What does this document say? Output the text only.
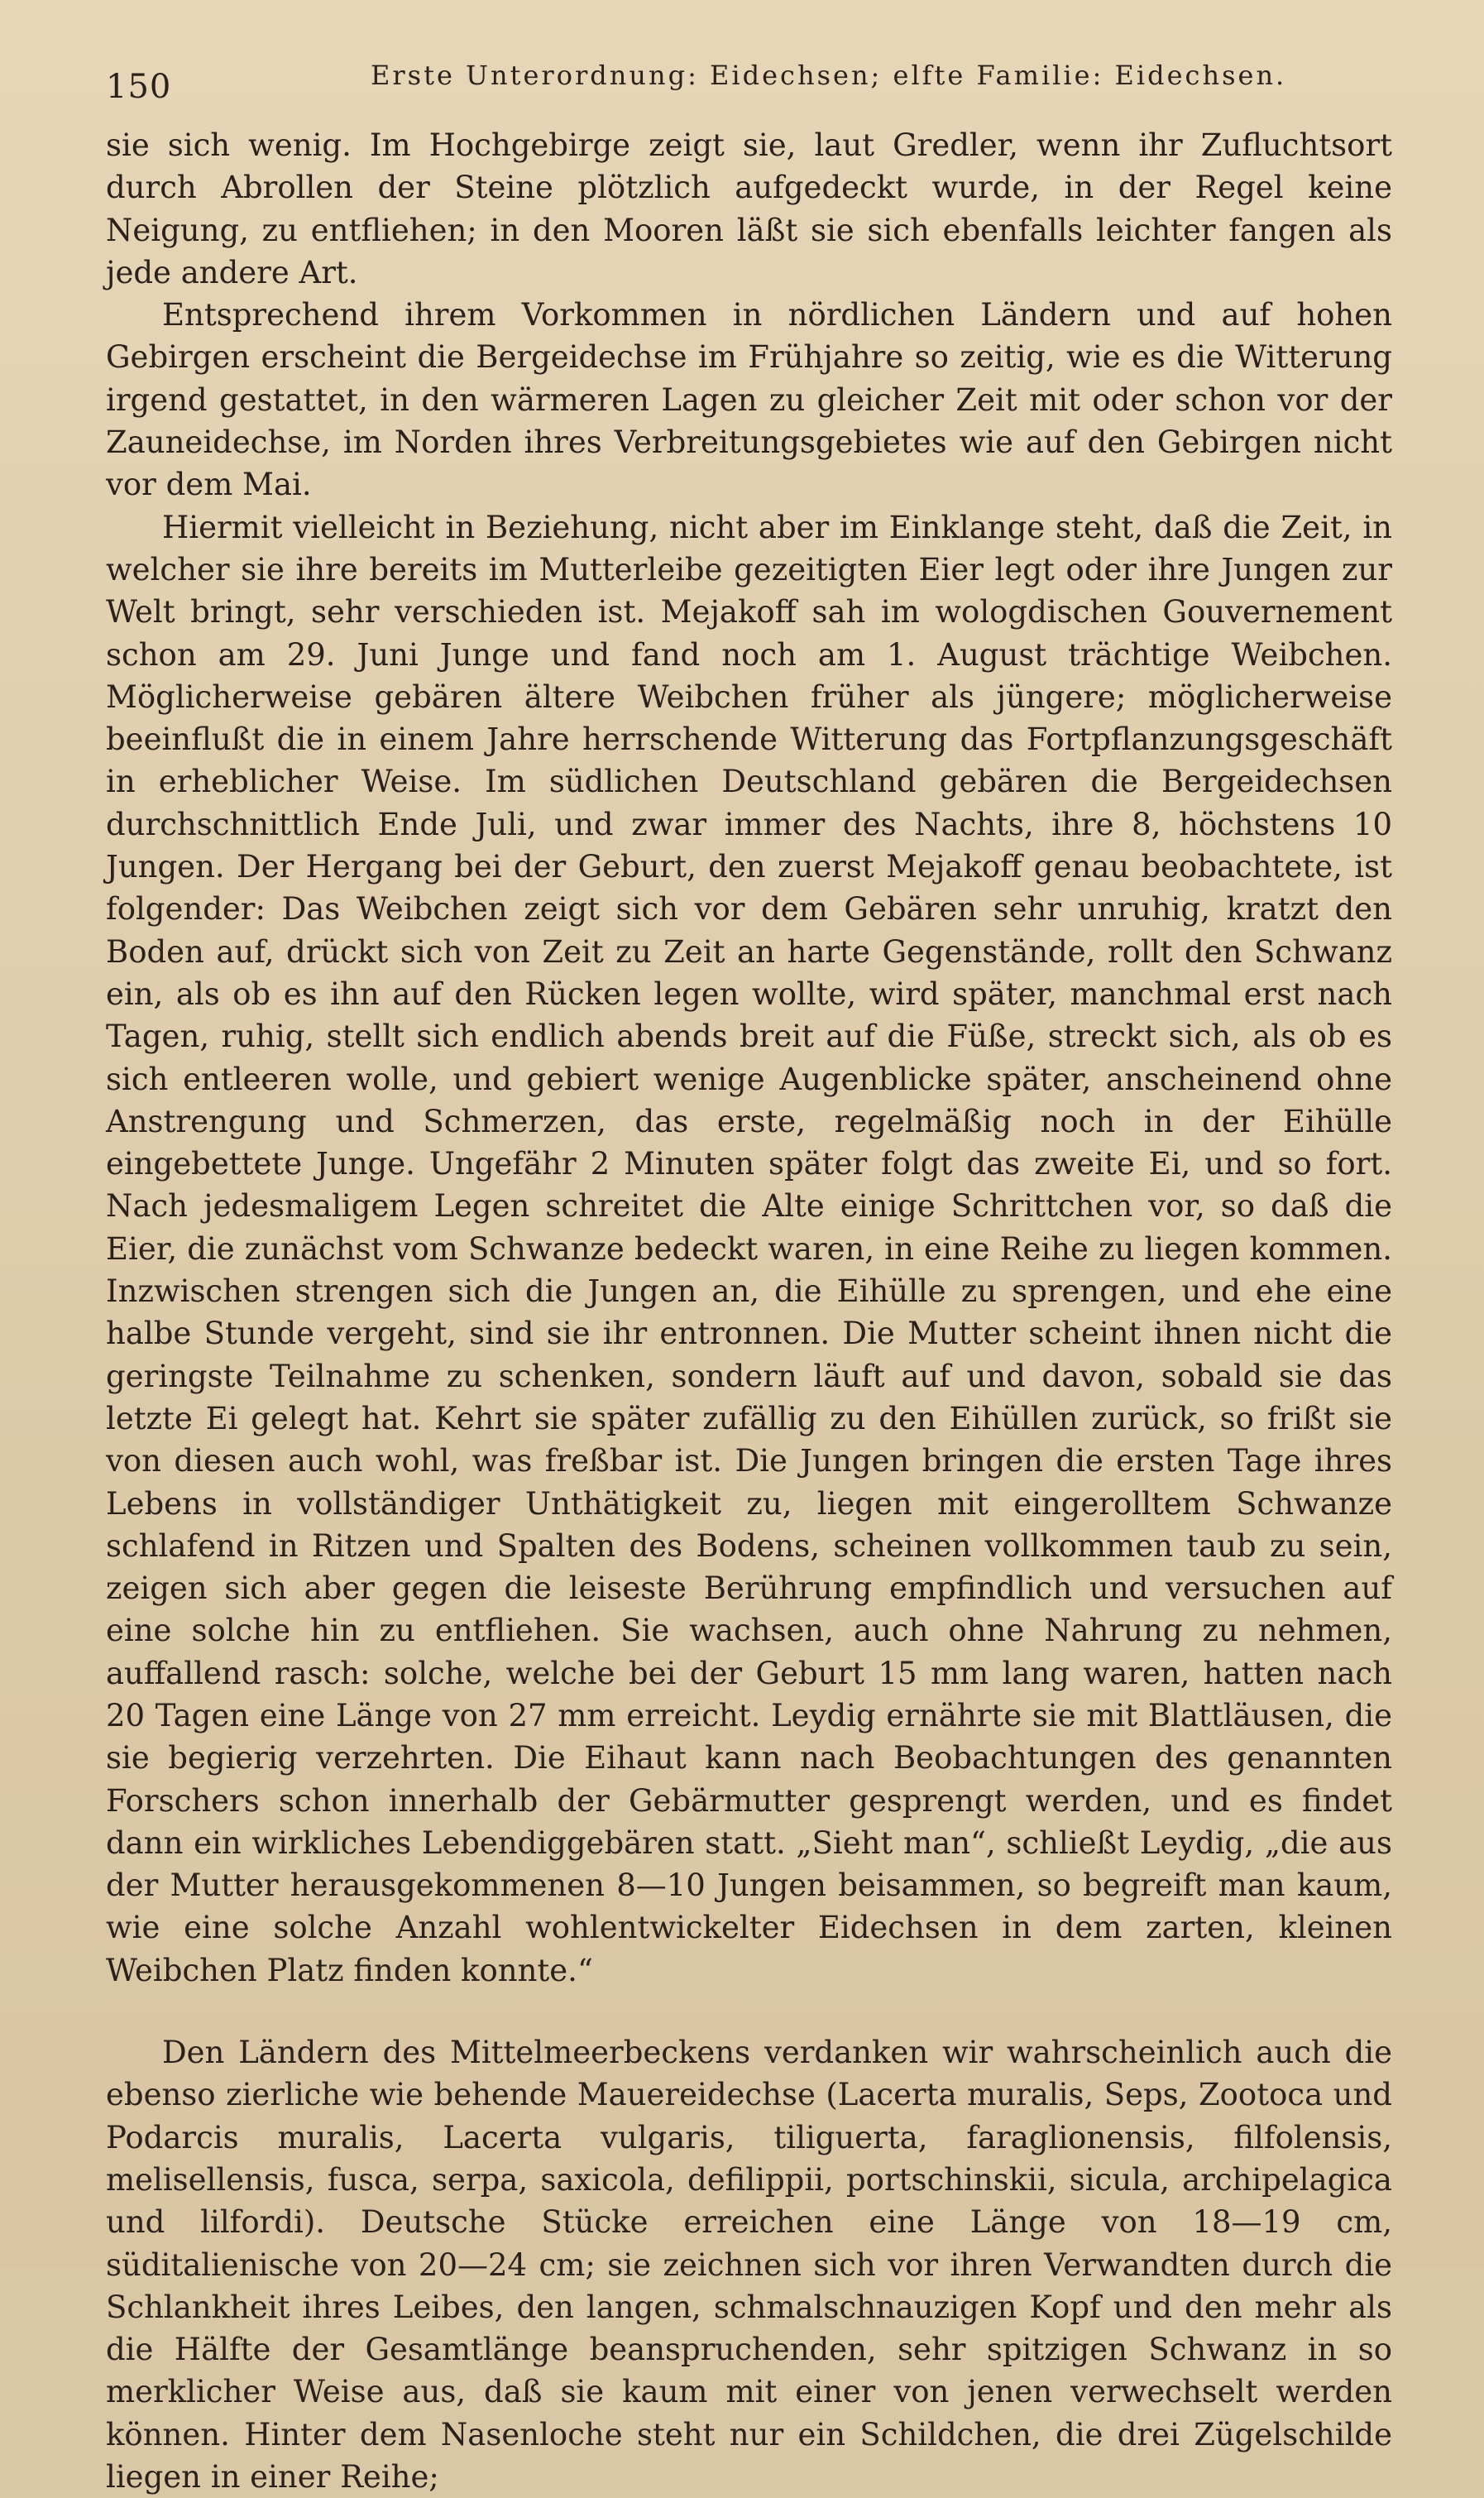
150	Erste Unterordnung: Eidechsen; elfte Familie: Eidechsen.

sie sich wenig. Im Hochgebirge zeigt sie, laut Gredler, wenn ihr Zufluchtsort durch Abrollen der Steine plötzlich aufgedeckt wurde, in der Regel keine Neigung, zu entfliehen; in den Mooren läßt sie sich ebenfalls leichter fangen als jede andere Art.

Entsprechend ihrem Vorkommen in nördlichen Ländern und auf hohen Gebirgen erscheint die Bergeidechse im Frühjahre so zeitig, wie es die Witterung irgend gestattet, in den wärmeren Lagen zu gleicher Zeit mit oder schon vor der Zauneidechse, im Norden ihres Verbreitungsgebietes wie auf den Gebirgen nicht vor dem Mai.

Hiermit vielleicht in Beziehung, nicht aber im Einklange steht, daß die Zeit, in welcher sie ihre bereits im Mutterleibe gezeitigten Eier legt oder ihre Jungen zur Welt bringt, sehr verschieden ist. Mejakoff sah im wologdischen Gouvernement schon am 29. Juni Junge und fand noch am 1. August trächtige Weibchen. Möglicherweise gebären ältere Weibchen früher als jüngere; möglicherweise beeinflußt die in einem Jahre herrschende Witterung das Fortpflanzungsgeschäft in erheblicher Weise. Im südlichen Deutschland gebären die Bergeidechsen durchschnittlich Ende Juli, und zwar immer des Nachts, ihre 8, höchstens 10 Jungen. Der Hergang bei der Geburt, den zuerst Mejakoff genau beobachtete, ist folgender: Das Weibchen zeigt sich vor dem Gebären sehr unruhig, kratzt den Boden auf, drückt sich von Zeit zu Zeit an harte Gegenstände, rollt den Schwanz ein, als ob es ihn auf den Rücken legen wollte, wird später, manchmal erst nach Tagen, ruhig, stellt sich endlich abends breit auf die Füße, streckt sich, als ob es sich entleeren wolle, und gebiert wenige Augenblicke später, anscheinend ohne Anstrengung und Schmerzen, das erste, regelmäßig noch in der Eihülle eingebettete Junge. Ungefähr 2 Minuten später folgt das zweite Ei, und so fort. Nach jedesmaligem Legen schreitet die Alte einige Schrittchen vor, so daß die Eier, die zunächst vom Schwanze bedeckt waren, in eine Reihe zu liegen kommen. Inzwischen strengen sich die Jungen an, die Eihülle zu sprengen, und ehe eine halbe Stunde vergeht, sind sie ihr entronnen. Die Mutter scheint ihnen nicht die geringste Teilnahme zu schenken, sondern läuft auf und davon, sobald sie das letzte Ei gelegt hat. Kehrt sie später zufällig zu den Eihüllen zurück, so frißt sie von diesen auch wohl, was freßbar ist. Die Jungen bringen die ersten Tage ihres Lebens in vollständiger Unthätigkeit zu, liegen mit eingerolltem Schwanze schlafend in Ritzen und Spalten des Bodens, scheinen vollkommen taub zu sein, zeigen sich aber gegen die leiseste Berührung empfindlich und versuchen auf eine solche hin zu entfliehen. Sie wachsen, auch ohne Nahrung zu nehmen, auffallend rasch: solche, welche bei der Geburt 15 mm lang waren, hatten nach 20 Tagen eine Länge von 27 mm erreicht. Leydig ernährte sie mit Blattläusen, die sie begierig verzehrten. Die Eihaut kann nach Beobachtungen des genannten Forschers schon innerhalb der Gebärmutter gesprengt werden, und es findet dann ein wirkliches Lebendiggebären statt. „Sieht man“, schließt Leydig, „die aus der Mutter herausgekommenen 8—10 Jungen beisammen, so begreift man kaum, wie eine solche Anzahl wohlentwickelter Eidechsen in dem zarten, kleinen Weibchen Platz finden konnte.“

Den Ländern des Mittelmeerbeckens verdanken wir wahrscheinlich auch die ebenso zierliche wie behende Mauereidechse (Lacerta muralis, Seps, Zootoca und Podarcis muralis, Lacerta vulgaris, tiliguerta, faraglionensis, filfolensis, melisellensis, fusca, serpa, saxicola, defilippii, portschinskii, sicula, archipelagica und lilfordi). Deutsche Stücke erreichen eine Länge von 18—19 cm, süditalienische von 20—24 cm; sie zeichnen sich vor ihren Verwandten durch die Schlankheit ihres Leibes, den langen, schmalschnauzigen Kopf und den mehr als die Hälfte der Gesamtlänge beanspruchenden, sehr spitzigen Schwanz in so merklicher Weise aus, daß sie kaum mit einer von jenen verwechselt werden können. Hinter dem Nasenloche steht nur ein Schildchen, die drei Zügelschilde liegen in einer Reihe;
